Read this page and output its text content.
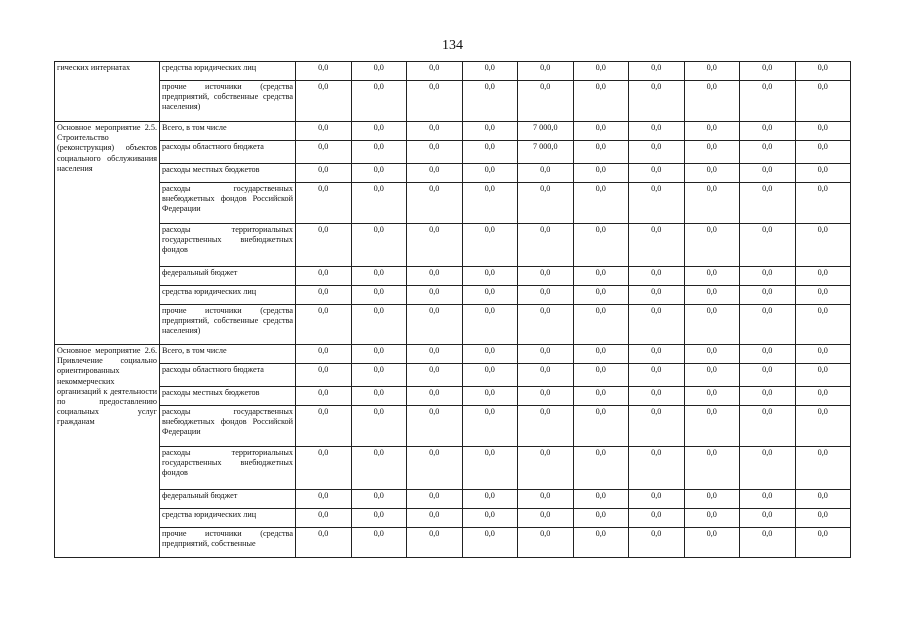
134
гических интернатах	средства юридических лиц	0,0	0,0	0,0	0,0	0,0	0,0	0,0	0,0	0,0	0,0
	прочие источники (средства предприятий, собственные средства населения)	0,0	0,0	0,0	0,0	0,0	0,0	0,0	0,0	0,0	0,0
Основное мероприятие 2.5. Строительство (реконструкция) объектов социального обслуживания населения	Всего, в том числе	0,0	0,0	0,0	0,0	7 000,0	0,0	0,0	0,0	0,0	0,0
	расходы областного бюджета	0,0	0,0	0,0	0,0	7 000,0	0,0	0,0	0,0	0,0	0,0
	расходы местных бюджетов	0,0	0,0	0,0	0,0	0,0	0,0	0,0	0,0	0,0	0,0
	расходы государственных внебюджетных фондов Российской Федерации	0,0	0,0	0,0	0,0	0,0	0,0	0,0	0,0	0,0	0,0
	расходы территориальных государственных внебюджетных фондов	0,0	0,0	0,0	0,0	0,0	0,0	0,0	0,0	0,0	0,0
	федеральный бюджет	0,0	0,0	0,0	0,0	0,0	0,0	0,0	0,0	0,0	0,0
	средства юридических лиц	0,0	0,0	0,0	0,0	0,0	0,0	0,0	0,0	0,0	0,0
	прочие источники (средства предприятий, собственные средства населения)	0,0	0,0	0,0	0,0	0,0	0,0	0,0	0,0	0,0	0,0
Основное мероприятие 2.6. Привлечение социально ориентированных некоммерческих организаций к деятельности по предоставлению социальных услуг гражданам	Всего, в том числе	0,0	0,0	0,0	0,0	0,0	0,0	0,0	0,0	0,0	0,0
	расходы областного бюджета	0,0	0,0	0,0	0,0	0,0	0,0	0,0	0,0	0,0	0,0
	расходы местных бюджетов	0,0	0,0	0,0	0,0	0,0	0,0	0,0	0,0	0,0	0,0
	расходы государственных внебюджетных фондов Российской Федерации	0,0	0,0	0,0	0,0	0,0	0,0	0,0	0,0	0,0	0,0
	расходы территориальных государственных внебюджетных фондов	0,0	0,0	0,0	0,0	0,0	0,0	0,0	0,0	0,0	0,0
	федеральный бюджет	0,0	0,0	0,0	0,0	0,0	0,0	0,0	0,0	0,0	0,0
	средства юридических лиц	0,0	0,0	0,0	0,0	0,0	0,0	0,0	0,0	0,0	0,0
	прочие источники (средства предприятий, собственные	0,0	0,0	0,0	0,0	0,0	0,0	0,0	0,0	0,0	0,0
